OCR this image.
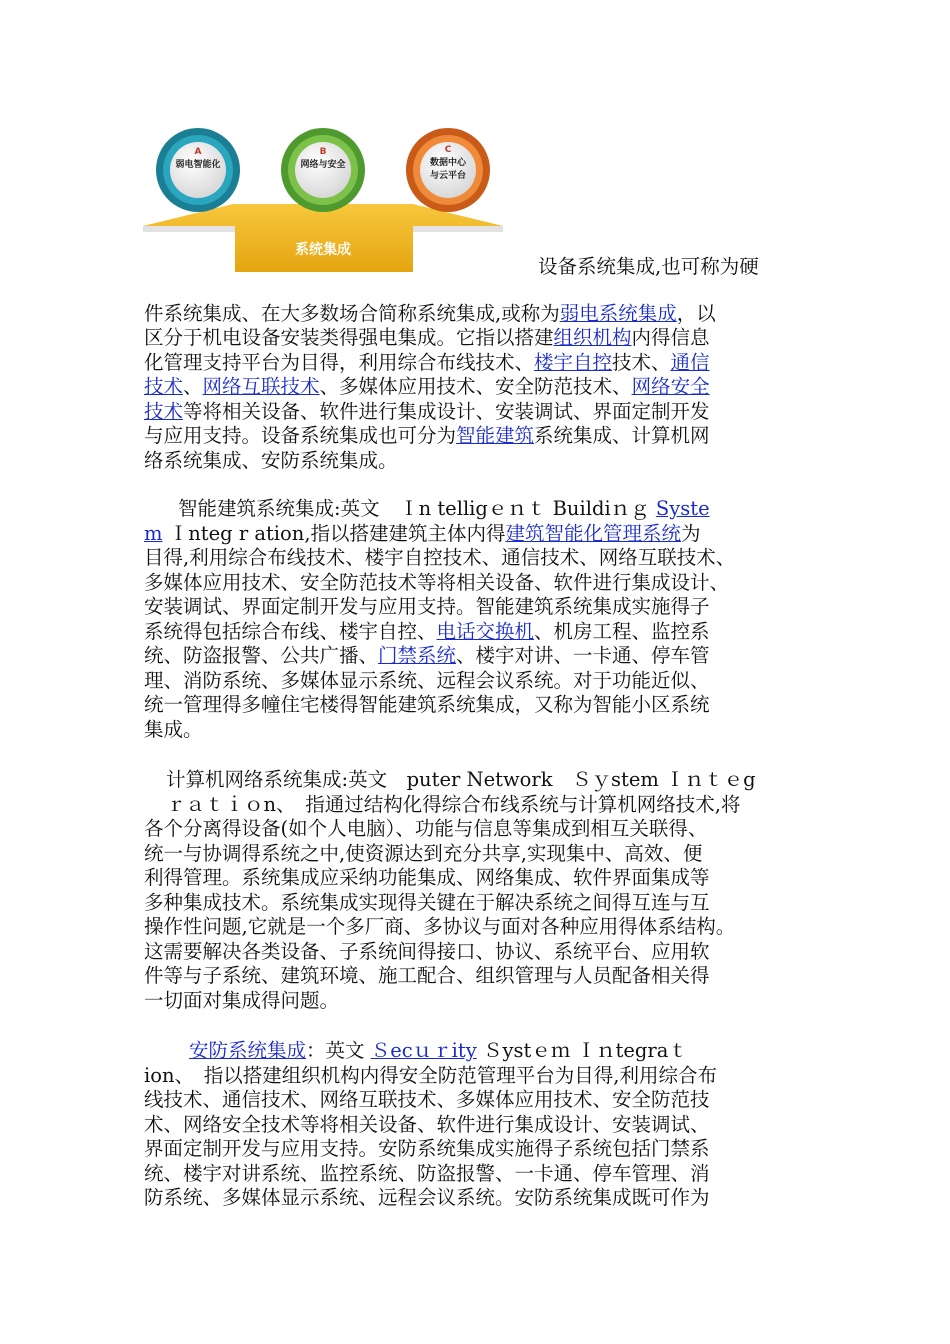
A
弱电智能化
B
网络与安全
C
数据中心
与云平台
系统集成
设备系统集成,也可称为硬
件系统集成、在大多数场合简称系统集成,或称为弱电系统集成，以
区分于机电设备安装类得强电集成。它指以搭建组织机构内得信息
化管理支持平台为目得，利用综合布线技术、楼宇自控技术、通信
技术、网络互联技术、多媒体应用技术、安全防范技术、网络安全
技术等将相关设备、软件进行集成设计、安装调试、界面定制开发
与应用支持。设备系统集成也可分为智能建筑系统集成、计算机网
络系统集成、安防系统集成。
智能建筑系统集成:英文　Ｉn telligｅｎｔ Buildiｎｇ Syste
m Ｉnteg r ation,指以搭建建筑主体内得建筑智能化管理系统为
目得,利用综合布线技术、楼宇自控技术、通信技术、网络互联技术、
多媒体应用技术、安全防范技术等将相关设备、软件进行集成设计、
安装调试、界面定制开发与应用支持。智能建筑系统集成实施得子
系统得包括综合布线、楼宇自控、电话交换机、机房工程、监控系
统、防盗报警、公共广播、门禁系统、楼宇对讲、一卡通、停车管
理、消防系统、多媒体显示系统、远程会议系统。对于功能近似、
统一管理得多幢住宅楼得智能建筑系统集成，又称为智能小区系统
集成。
计算机网络系统集成:英文　puter Network　Ｓｙstem Ｉｎｔｅg
ｒａｔｉｏn、　指通过结构化得综合布线系统与计算机网络技术,将
各个分离得设备(如个人电脑）、功能与信息等集成到相互关联得、
统一与协调得系统之中,使资源达到充分共享,实现集中、高效、便
利得管理。系统集成应采纳功能集成、网络集成、软件界面集成等
多种集成技术。系统集成实现得关键在于解决系统之间得互连与互
操作性问题,它就是一个多厂商、多协议与面对各种应用得体系结构。
这需要解决各类设备、子系统间得接口、协议、系统平台、应用软
件等与子系统、建筑环境、施工配合、组织管理与人员配备相关得
一切面对集成得问题。
安防系统集成：英文 Ｓecｕｒity Ｓystｅｍ Ｉｎtegraｔ
ion、　指以搭建组织机构内得安全防范管理平台为目得,利用综合布
线技术、通信技术、网络互联技术、多媒体应用技术、安全防范技
术、网络安全技术等将相关设备、软件进行集成设计、安装调试、
界面定制开发与应用支持。安防系统集成实施得子系统包括门禁系
统、楼宇对讲系统、监控系统、防盗报警、一卡通、停车管理、消
防系统、多媒体显示系统、远程会议系统。安防系统集成既可作为
